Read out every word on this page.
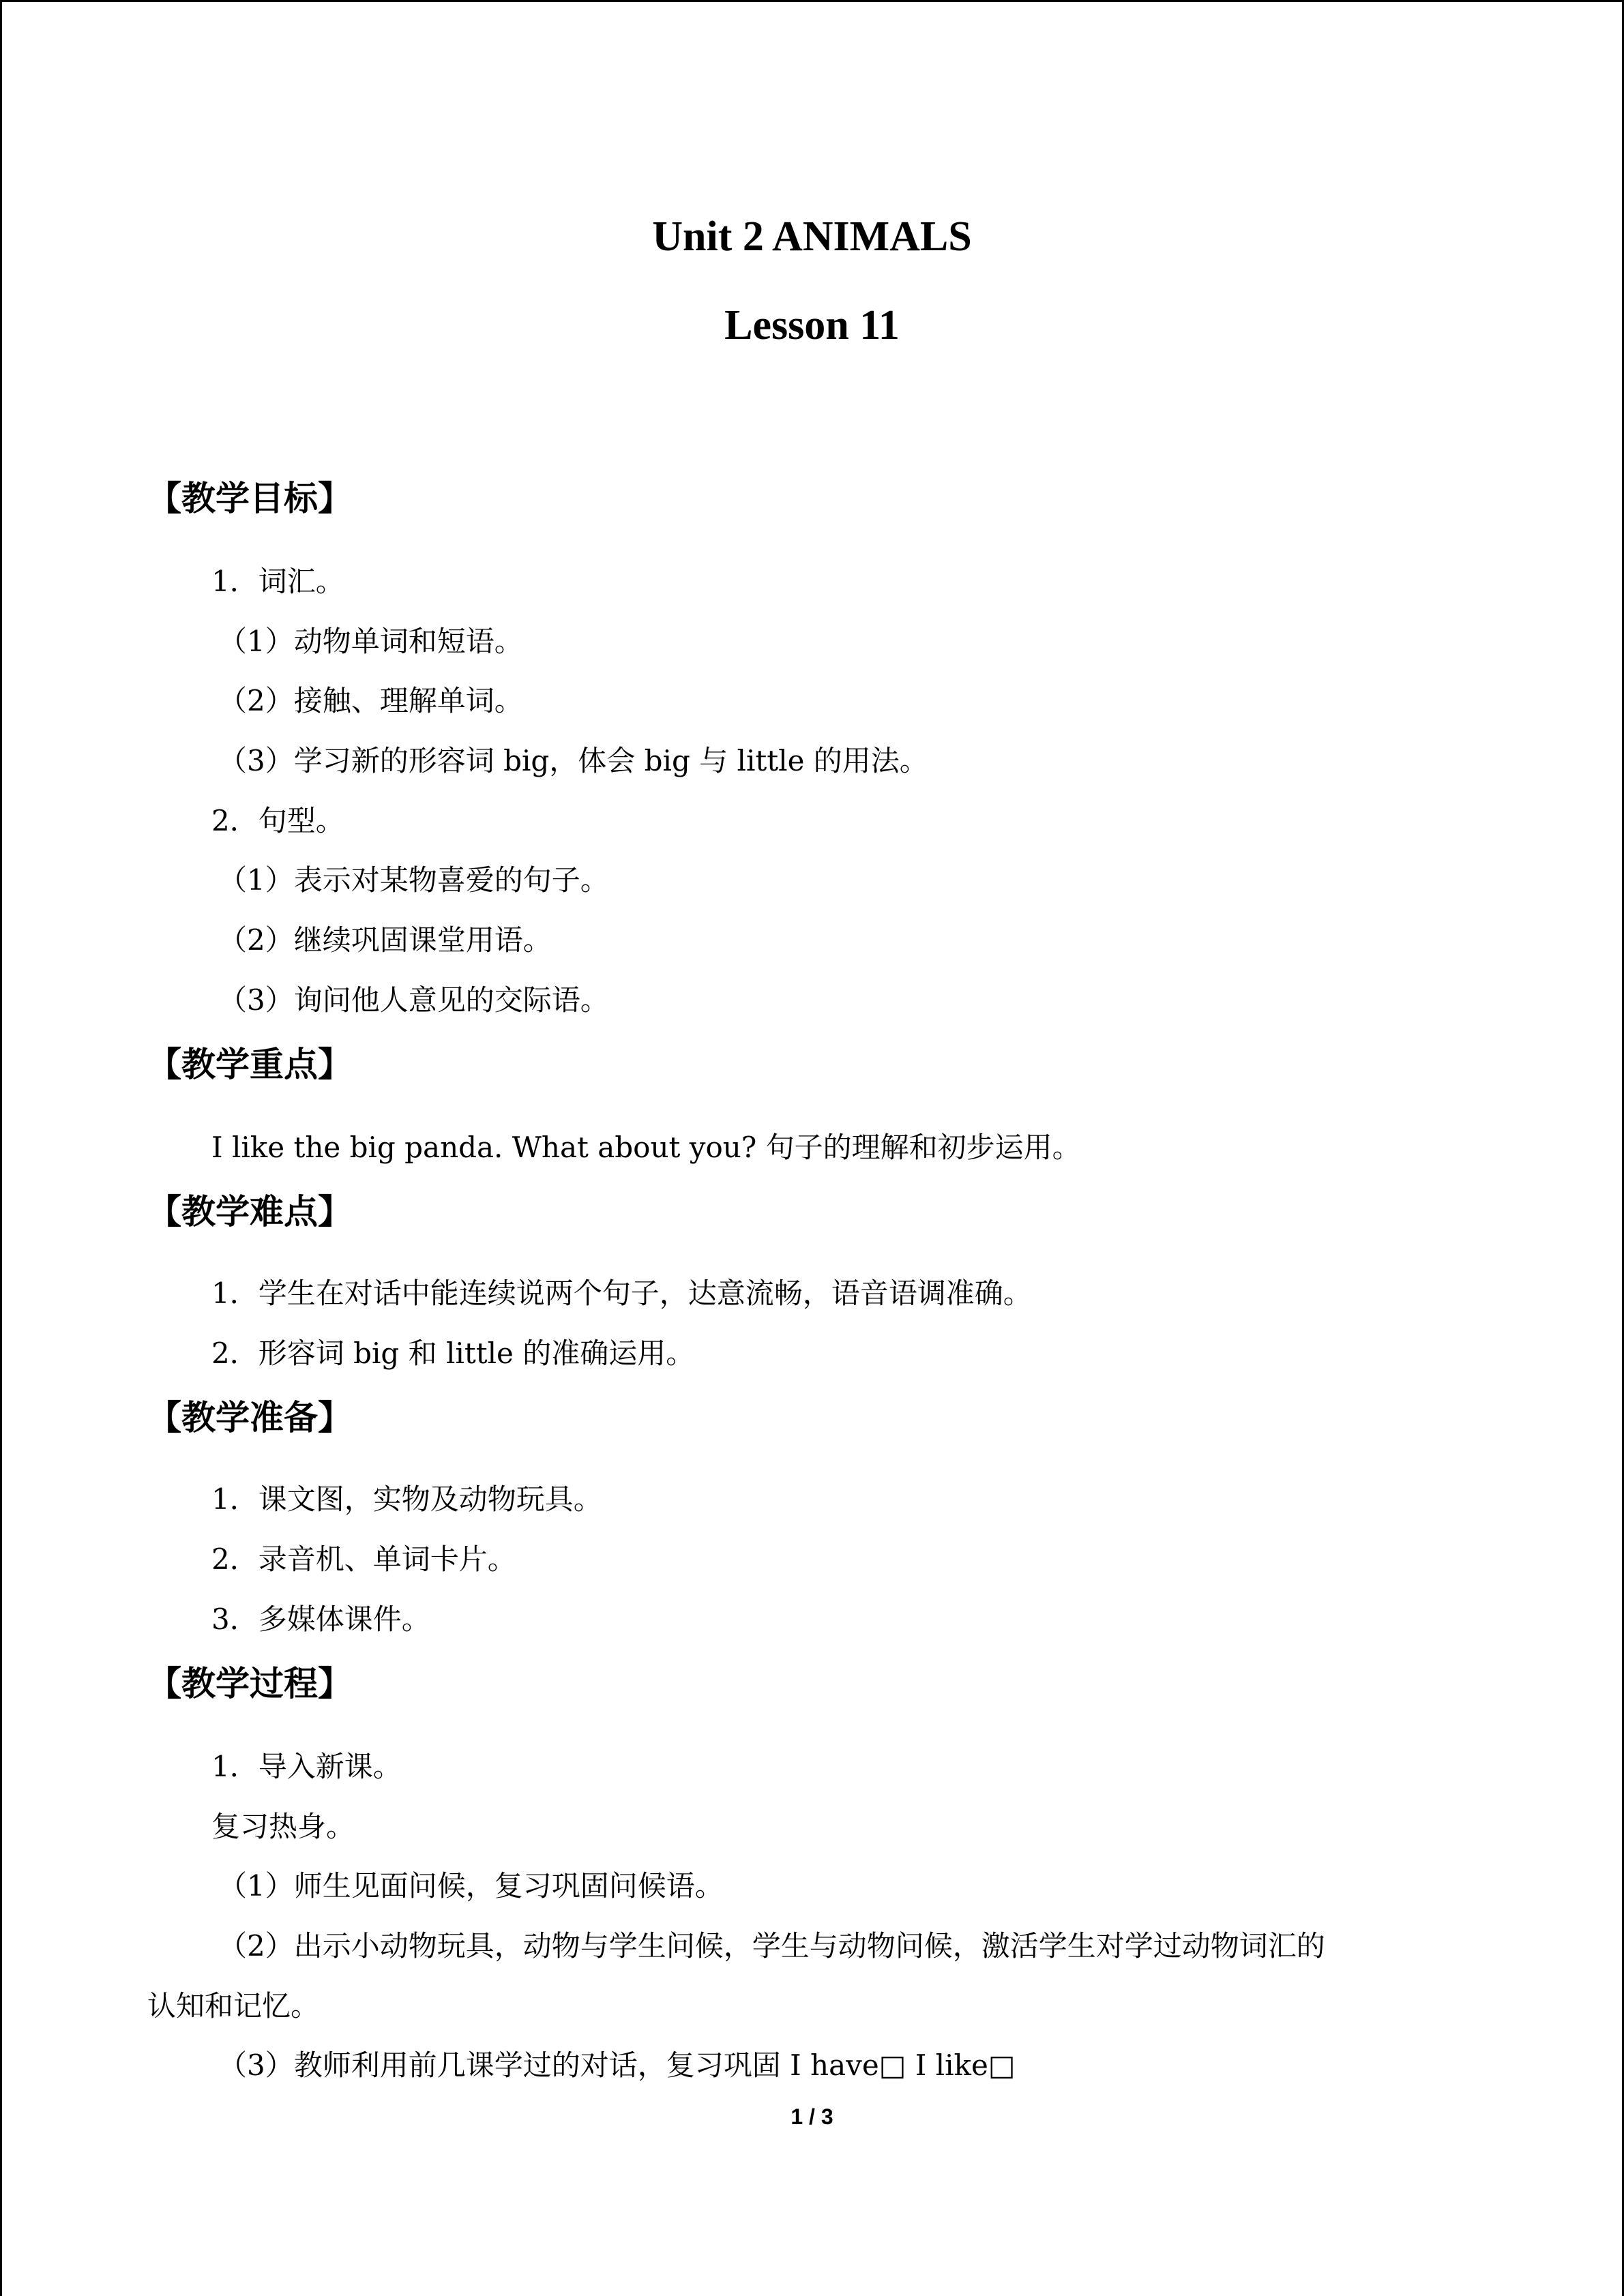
Unit 2 ANIMALS
Lesson 11
【教学目标】
1．词汇。
（1）动物单词和短语。
（2）接触、理解单词。
（3）学习新的形容词 big，体会 big 与 little 的用法。
2．句型。
（1）表示对某物喜爱的句子。
（2）继续巩固课堂用语。
（3）询问他人意见的交际语。
【教学重点】
I like the big panda. What about you? 句子的理解和初步运用。
【教学难点】
1．学生在对话中能连续说两个句子，达意流畅，语音语调准确。
2．形容词 big 和 little 的准确运用。
【教学准备】
1．课文图，实物及动物玩具。
2．录音机、单词卡片。
3．多媒体课件。
【教学过程】
1．导入新课。
复习热身。
（1）师生见面问候，复习巩固问候语。
（2）出示小动物玩具，动物与学生问候，学生与动物问候，激活学生对学过动物词汇的
认知和记忆。
（3）教师利用前几课学过的对话，复习巩固 I have□ I like□
1 / 3
